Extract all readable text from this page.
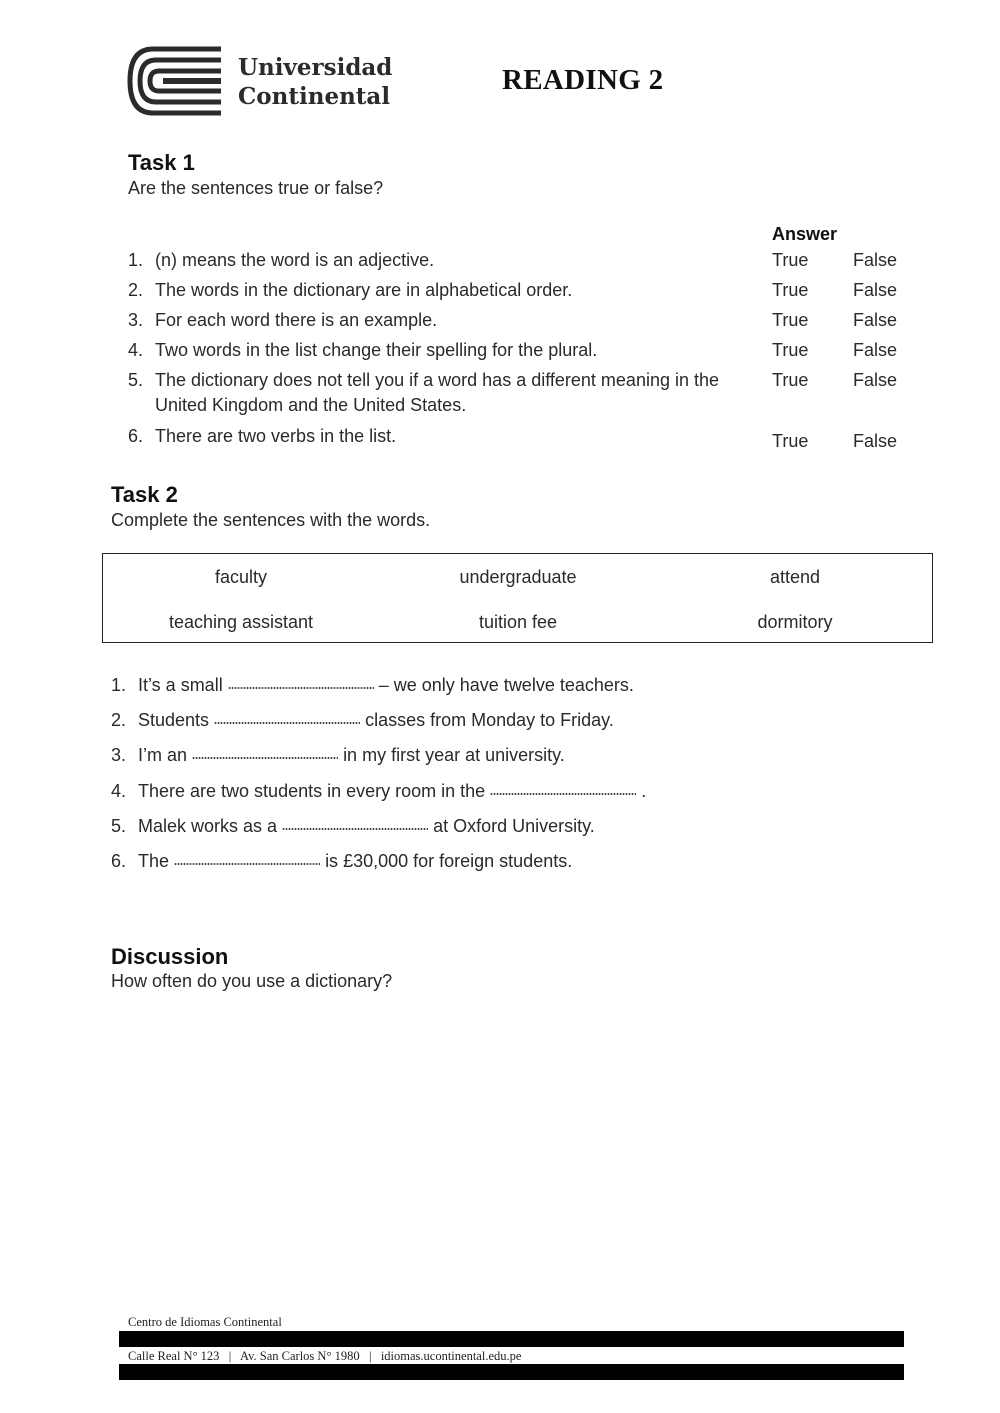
Universidad
Continental
READING 2
Task 1
Are the sentences true or false?
Answer
1. (n) means the word is an adjective.	True False
2. The words in the dictionary are in alphabetical order.	True False
3. For each word there is an example.	True False
4. Two words in the list change their spelling for the plural.	True False
5. The dictionary does not tell you if a word has a different meaning in the United Kingdom and the United States.
True False
6. There are two verbs in the list.	True False
Task 2
Complete the sentences with the words.
faculty	undergraduate	attend
teaching assistant	tuition fee	dormitory
1. It’s a small	– we only have twelve teachers.
2. Students	classes from Monday to Friday.
3. I’m an	in my first year at university.
4. There are two students in every room in the	.
5. Malek works as a	at Oxford University.
6. The	is £30,000 for foreign students.
Discussion
How often do you use a dictionary?
Centro de Idiomas Continental
Calle Real N° 123   |   Av. San Carlos N° 1980   |   idiomas.ucontinental.edu.pe
